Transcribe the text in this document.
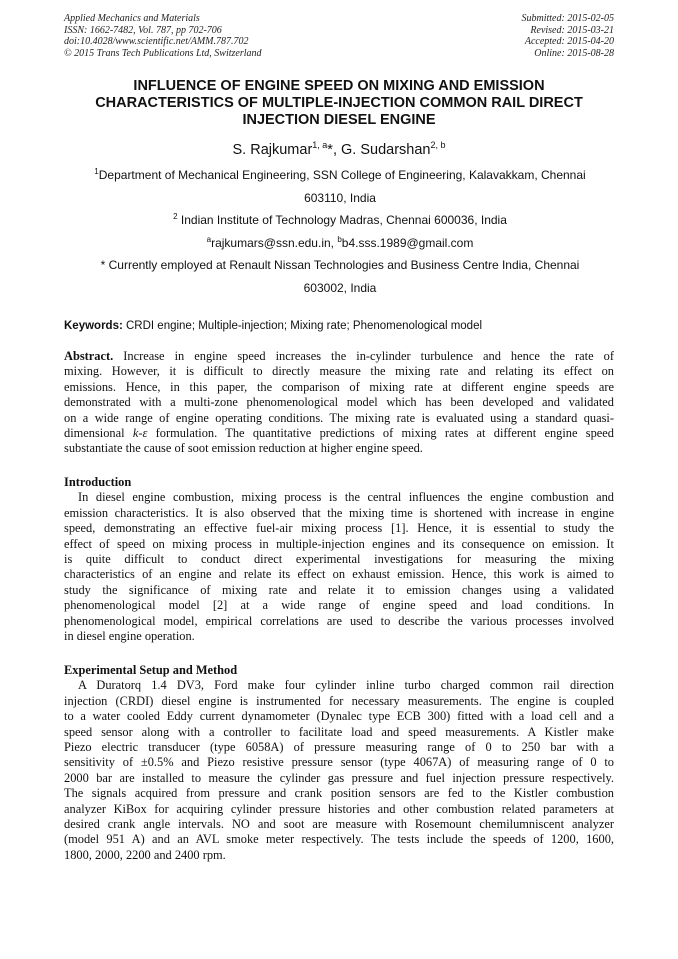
Applied Mechanics and Materials
ISSN: 1662-7482, Vol. 787, pp 702-706
doi:10.4028/www.scientific.net/AMM.787.702
© 2015 Trans Tech Publications Ltd, Switzerland
Submitted: 2015-02-05
Revised: 2015-03-21
Accepted: 2015-04-20
Online: 2015-08-28
INFLUENCE OF ENGINE SPEED ON MIXING AND EMISSION
CHARACTERISTICS OF MULTIPLE-INJECTION COMMON RAIL DIRECT
INJECTION DIESEL ENGINE
S. Rajkumar$^{1, a}$*, G. Sudarshan$^{2, b}$
$^1$Department of Mechanical Engineering, SSN College of Engineering, Kalavakkam, Chennai
603110, India
$^2$ Indian Institute of Technology Madras, Chennai 600036, India
$^a$rajkumars@ssn.edu.in, $^b$b4.sss.1989@gmail.com
* Currently employed at Renault Nissan Technologies and Business Centre India, Chennai
603002, India
Keywords: CRDI engine; Multiple-injection; Mixing rate; Phenomenological model
Abstract. Increase in engine speed increases the in-cylinder turbulence and hence the rate of
mixing. However, it is difficult to directly measure the mixing rate and relating its effect on
emissions. Hence, in this paper, the comparison of mixing rate at different engine speeds are
demonstrated with a multi-zone phenomenological model which has been developed and validated
on a wide range of engine operating conditions. The mixing rate is evaluated using a standard quasi-
dimensional k-ε formulation. The quantitative predictions of mixing rates at different engine speed
substantiate the cause of soot emission reduction at higher engine speed.
Introduction
In diesel engine combustion, mixing process is the central influences the engine combustion and
emission characteristics. It is also observed that the mixing time is shortened with increase in engine
speed, demonstrating an effective fuel-air mixing process [1]. Hence, it is essential to study the
effect of speed on mixing process in multiple-injection engines and its consequence on emission. It
is quite difficult to conduct direct experimental investigations for measuring the mixing
characteristics of an engine and relate its effect on exhaust emission. Hence, this work is aimed to
study the significance of mixing rate and relate it to emission changes using a validated
phenomenological model [2] at a wide range of engine speed and load conditions. In
phenomenological model, empirical correlations are used to describe the various processes involved
in diesel engine operation.
Experimental Setup and Method
A Duratorq 1.4 DV3, Ford make four cylinder inline turbo charged common rail direction
injection (CRDI) diesel engine is instrumented for necessary measurements. The engine is coupled
to a water cooled Eddy current dynamometer (Dynalec type ECB 300) fitted with a load cell and a
speed sensor along with a controller to facilitate load and speed measurements. A Kistler make
Piezo electric transducer (type 6058A) of pressure measuring range of 0 to 250 bar with a
sensitivity of ±0.5% and Piezo resistive pressure sensor (type 4067A) of measuring range of 0 to
2000 bar are installed to measure the cylinder gas pressure and fuel injection pressure respectively.
The signals acquired from pressure and crank position sensors are fed to the Kistler combustion
analyzer KiBox for acquiring cylinder pressure histories and other combustion related parameters at
desired crank angle intervals. NO and soot are measure with Rosemount chemilumniscent analyzer
(model 951 A) and an AVL smoke meter respectively. The tests include the speeds of 1200, 1600,
1800, 2000, 2200 and 2400 rpm.
